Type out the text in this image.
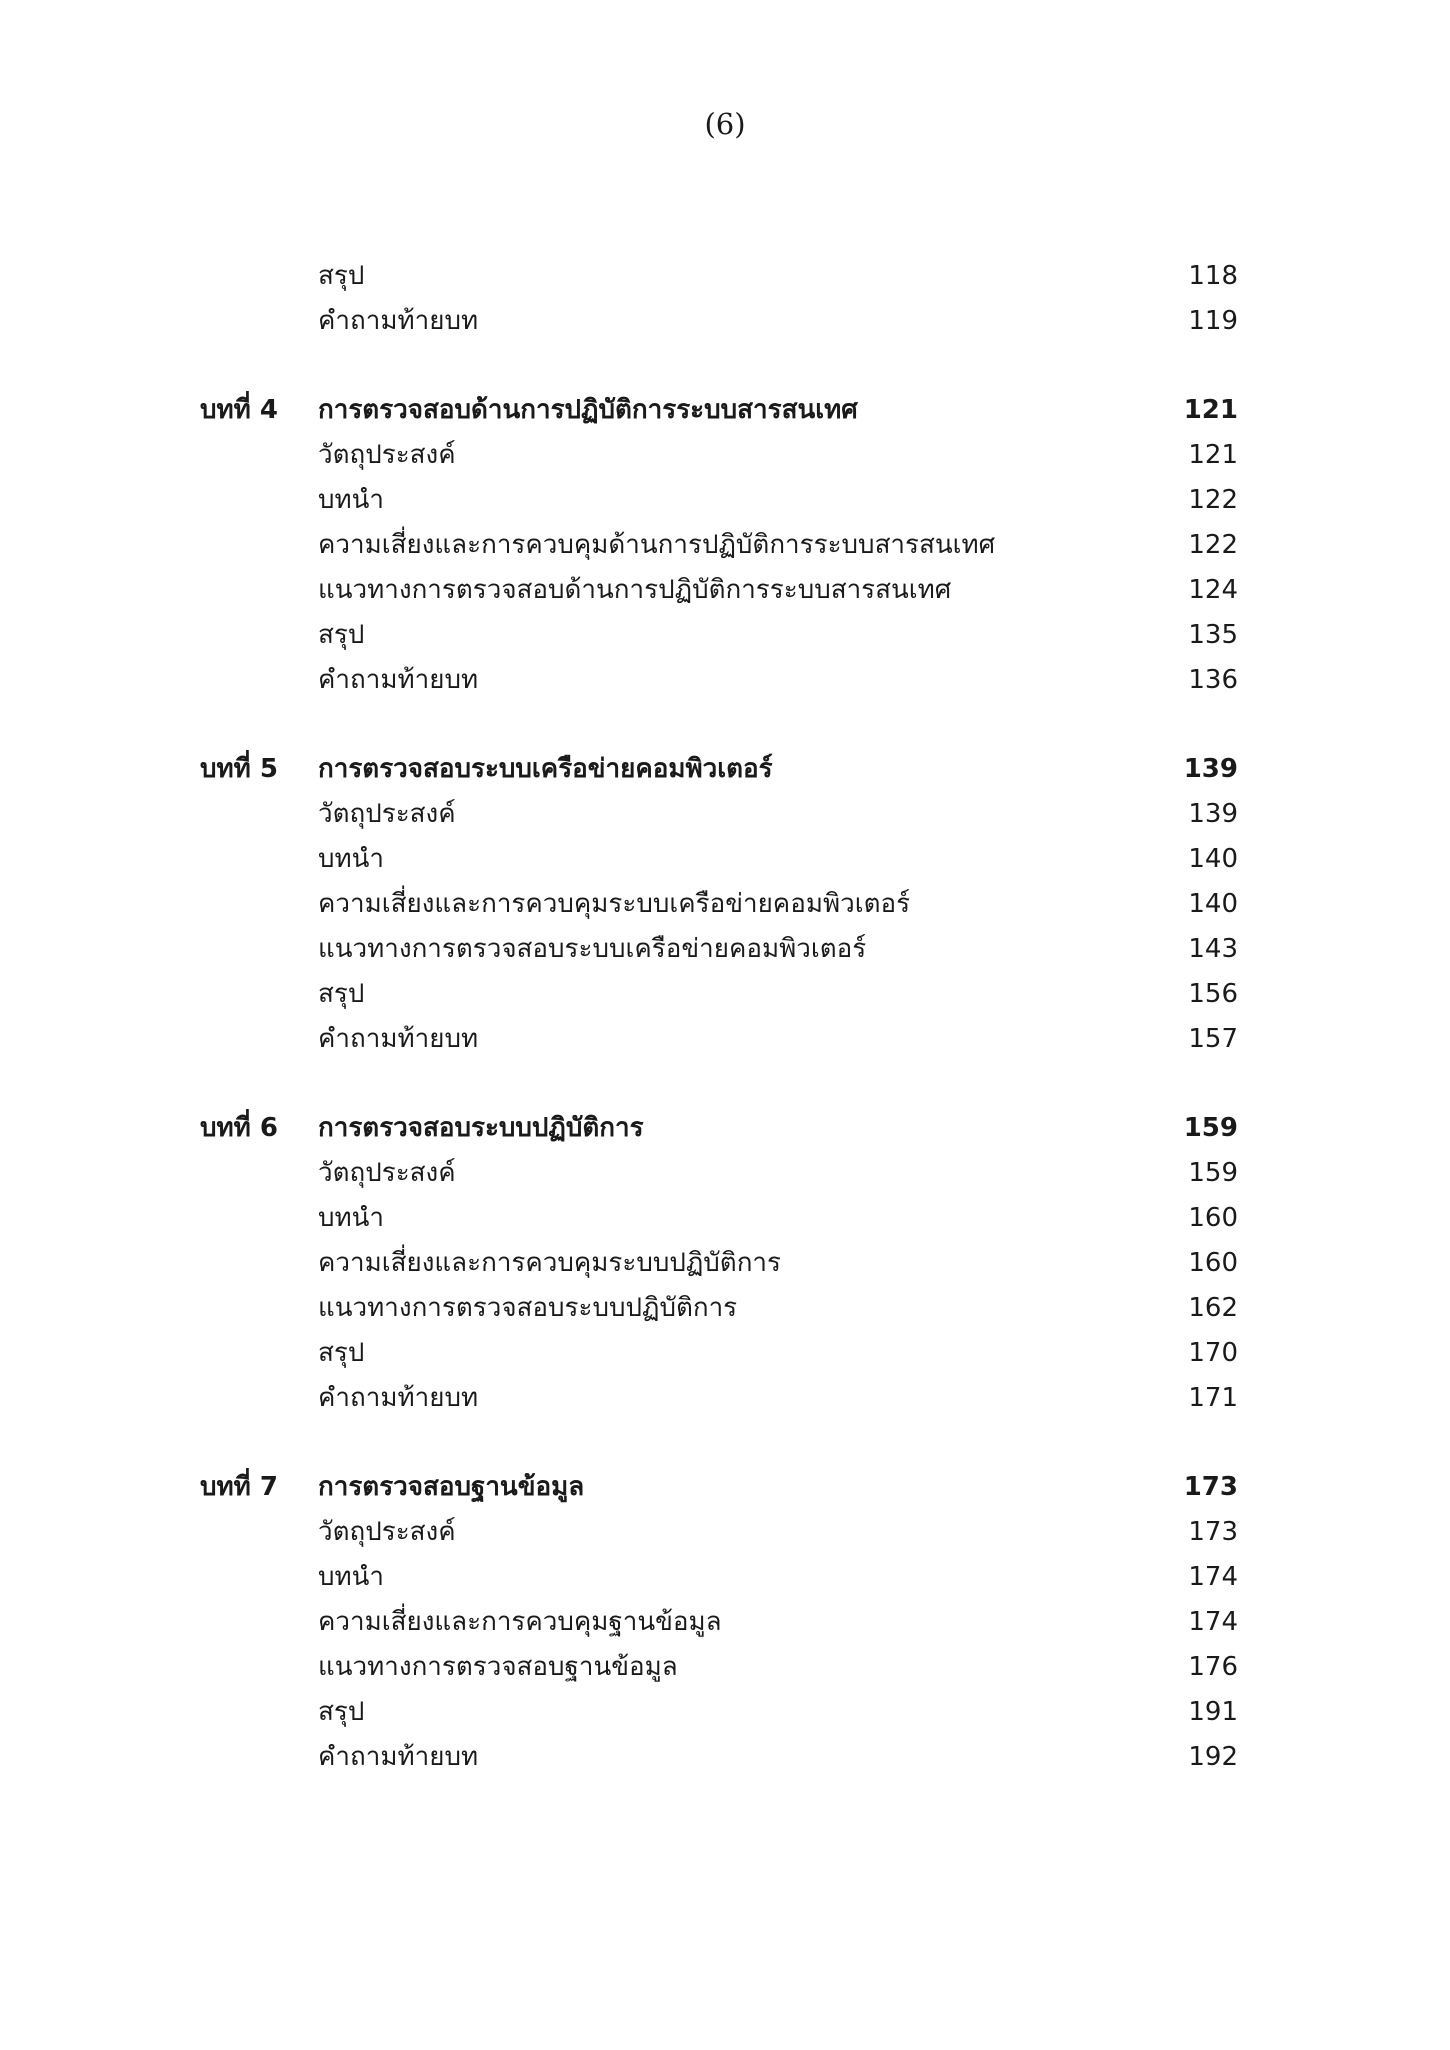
(6)
สรุป	118
คำถามท้ายบท	119
บทที่ 4 การตรวจสอบด้านการปฏิบัติการระบบสารสนเทศ	121
วัตถุประสงค์	121
บทนำ	122
ความเสี่ยงและการควบคุมด้านการปฏิบัติการระบบสารสนเทศ	122
แนวทางการตรวจสอบด้านการปฏิบัติการระบบสารสนเทศ	124
สรุป	135
คำถามท้ายบท	136
บทที่ 5 การตรวจสอบระบบเครือข่ายคอมพิวเตอร์	139
วัตถุประสงค์	139
บทนำ	140
ความเสี่ยงและการควบคุมระบบเครือข่ายคอมพิวเตอร์	140
แนวทางการตรวจสอบระบบเครือข่ายคอมพิวเตอร์	143
สรุป	156
คำถามท้ายบท	157
บทที่ 6 การตรวจสอบระบบปฏิบัติการ	159
วัตถุประสงค์	159
บทนำ	160
ความเสี่ยงและการควบคุมระบบปฏิบัติการ	160
แนวทางการตรวจสอบระบบปฏิบัติการ	162
สรุป	170
คำถามท้ายบท	171
บทที่ 7 การตรวจสอบฐานข้อมูล	173
วัตถุประสงค์	173
บทนำ	174
ความเสี่ยงและการควบคุมฐานข้อมูล	174
แนวทางการตรวจสอบฐานข้อมูล	176
สรุป	191
คำถามท้ายบท	192
